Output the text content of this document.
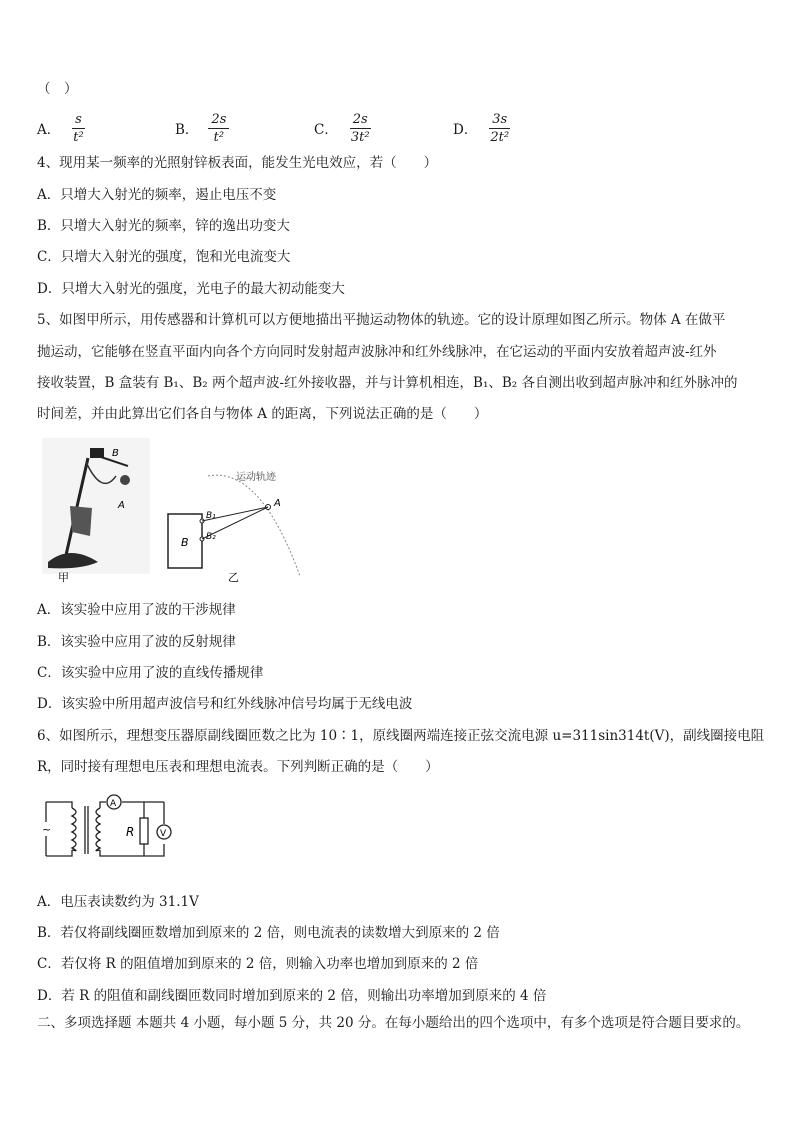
（　）
A． $\frac{s}{\text{t²}}$	B． $\frac{2s}{\text{t²}}$	C． $\frac{2s}{\text{3t²}}$	D． $\frac{3s}{\text{2t²}}$
4、现用某一频率的光照射锌板表面，能发生光电效应，若（　　）
A．只增大入射光的频率，遏止电压不变
B．只增大入射光的频率，锌的逸出功变大
C．只增大入射光的强度，饱和光电流变大
D．只增大入射光的强度，光电子的最大初动能变大
5、如图甲所示，用传感器和计算机可以方便地描出平抛运动物体的轨迹。它的设计原理如图乙所示。物体 A 在做平
抛运动，它能够在竖直平面内向各个方向同时发射超声波脉冲和红外线脉冲，在它运动的平面内安放着超声波-红外
接收装置，B 盒装有 B₁、B₂ 两个超声波-红外接收器，并与计算机相连，B₁、B₂ 各自测出收到超声脉冲和红外脉冲的
时间差，并由此算出它们各自与物体 A 的距离，下列说法正确的是（　　）
B
A
甲
运动轨迹
B
B₁
B₂
A
乙
A．该实验中应用了波的干涉规律
B．该实验中应用了波的反射规律
C．该实验中应用了波的直线传播规律
D．该实验中所用超声波信号和红外线脉冲信号均属于无线电波
6、如图所示，理想变压器原副线圈匝数之比为 10∶1，原线圈两端连接正弦交流电源 u=311sin314t(V)，副线圈接电阻
R，同时接有理想电压表和理想电流表。下列判断正确的是（　　）
~
A
V
R
A．电压表读数约为 31.1V
B．若仅将副线圈匝数增加到原来的 2 倍，则电流表的读数增大到原来的 2 倍
C．若仅将 R 的阻值增加到原来的 2 倍，则输入功率也增加到原来的 2 倍
D．若 R 的阻值和副线圈匝数同时增加到原来的 2 倍，则输出功率增加到原来的 4 倍
二、多项选择题 本题共 4 小题，每小题 5 分，共 20 分。在每小题给出的四个选项中，有多个选项是符合题目要求的。
